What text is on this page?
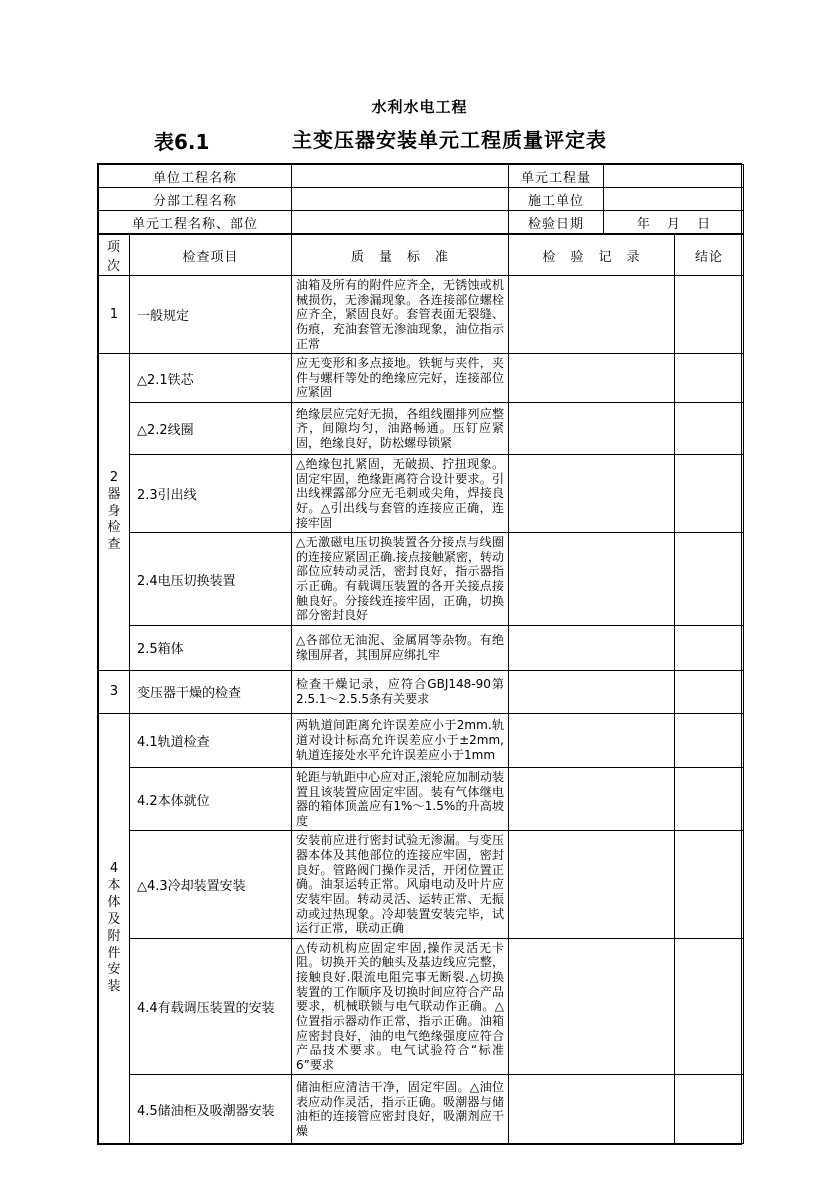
水利水电工程
表6.1	主变压器安装单元工程质量评定表
单位工程名称		单元工程量	
分部工程名称		施工单位	
单元工程名称、部位		检验日期	年　 月　 日
项次	检查项目	质　量　标　准	检　验　记　录	结论
1	一般规定	油箱及所有的附件应齐全，无锈蚀或机械损伤，无渗漏现象。各连接部位螺栓应齐全，紧固良好。套管表面无裂缝、伤痕，充油套管无渗油现象，油位指示正常		

2器身检查	△2.1铁芯	应无变形和多点接地。铁轭与夹件，夹件与螺杆等处的绝缘应完好，连接部位应紧固		
	△2.2线圈	绝缘层应完好无损，各组线圈排列应整齐，间隙均匀，油路畅通。压钉应紧固，绝缘良好，防松螺母锁紧		
	2.3引出线	△绝缘包扎紧固，无破损、拧扭现象。固定牢固，绝缘距离符合设计要求。引出线裸露部分应无毛刺或尖角，焊接良好。△引出线与套管的连接应正确，连接牢固		
	2.4电压切换装置	△无激磁电压切换装置各分接点与线圈的连接应紧固正确.接点接触紧密，转动部位应转动灵活，密封良好，指示器指示正确。有载调压装置的各开关接点接触良好。分接线连接牢固，正确，切换部分密封良好		
	2.5箱体	△各部位无油泥、金属屑等杂物。有绝缘围屏者，其围屏应绑扎牢		
3	变压器干燥的检查	检查干燥记录，应符合GBJ148-90第2.5.1～2.5.5条有关要求		

4本体及附件安装	4.1轨道检查	两轨道间距离允许误差应小于2mm.轨道对设计标高允许误差应小于±2mm,轨道连接处水平允许误差应小于1mm		
	4.2本体就位	轮距与轨距中心应对正,滚轮应加制动装置且该装置应固定牢固。装有气体继电器的箱体顶盖应有1%～1.5%的升高坡度		
	△4.3冷却装置安装	安装前应进行密封试验无渗漏。与变压器本体及其他部位的连接应牢固，密封良好。管路阀门操作灵活，开闭位置正确。油泵运转正常。风扇电动及叶片应安装牢固。转动灵活、运转正常、无振动或过热现象。冷却装置安装完毕，试运行正常，联动正确		
	4.4有载调压装置的安装	△传动机构应固定牢固,操作灵活无卡阻。切换开关的触头及基边线应完整，接触良好.限流电阻完事无断裂.△切换装置的工作顺序及切换时间应符合产品要求，机械联锁与电气联动作正确。△位置指示器动作正常，指示正确。油箱应密封良好，油的电气绝缘强度应符合产品技术要求。电气试验符合“标准6”要求		
	4.5储油柜及吸潮器安装	储油柜应清洁干净，固定牢固。△油位表应动作灵活，指示正确。吸潮器与储油柜的连接管应密封良好，吸潮剂应干燥		
